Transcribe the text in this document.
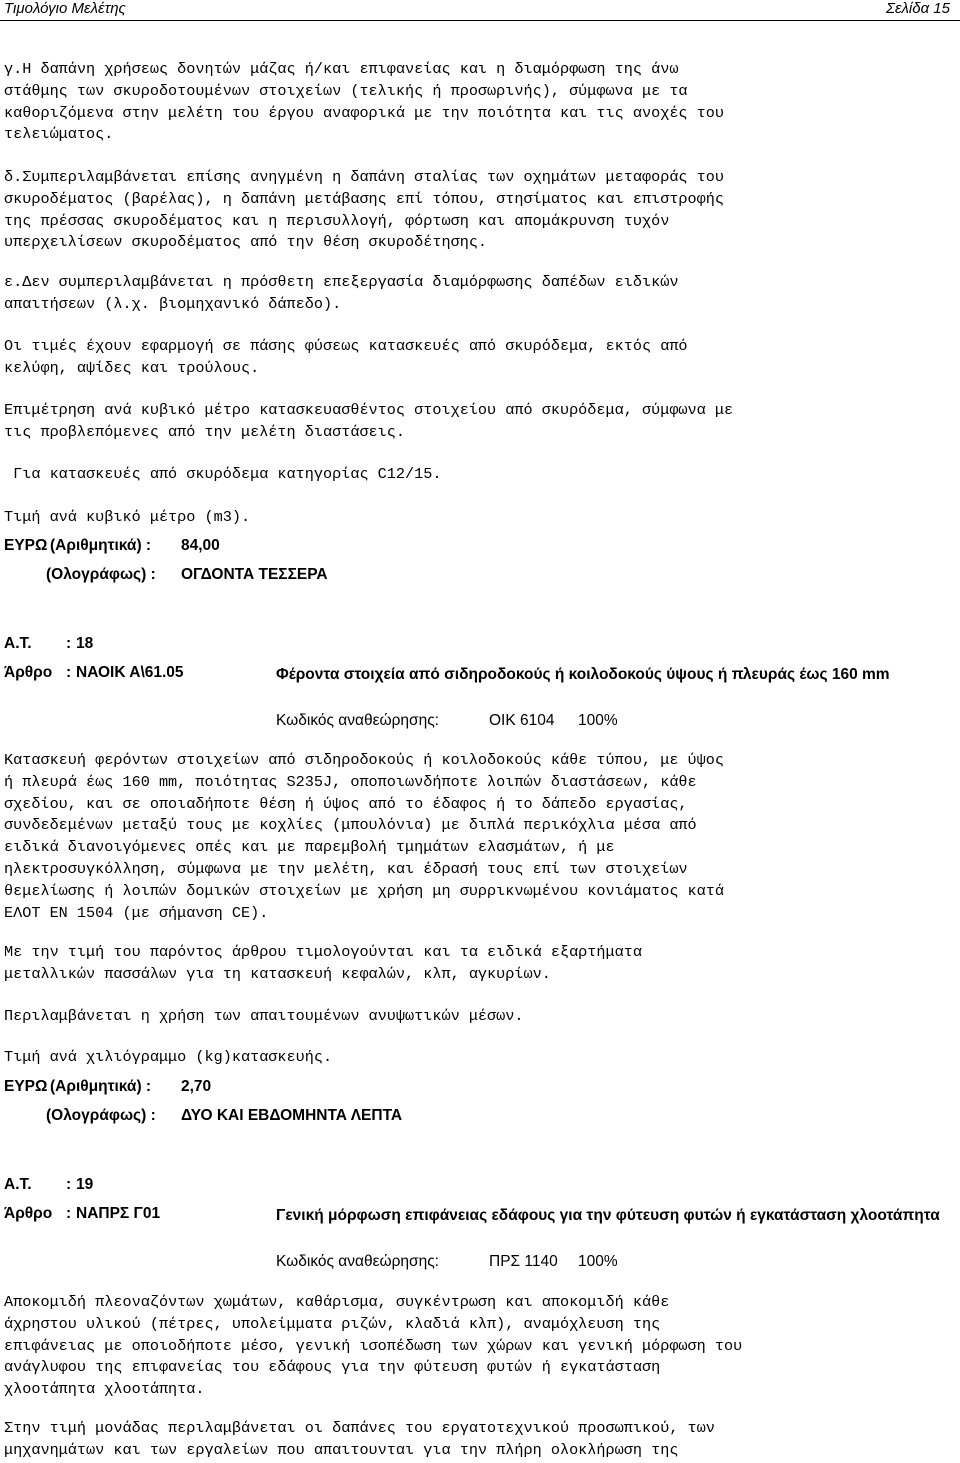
Τιμολόγιο Μελέτης	Σελίδα 15

γ.Η δαπάνη χρήσεως δονητών μάζας ή/και επιφανείας και η διαμόρφωση της άνω
στάθμης των σκυροδοτουμένων στοιχείων (τελικής ή προσωρινής), σύμφωνα με τα
καθοριζόμενα στην μελέτη του έργου αναφορικά με την ποιότητα και τις ανοχές του
τελειώματος.

δ.Συμπεριλαμβάνεται επίσης ανηγμένη η δαπάνη σταλίας των οχημάτων μεταφοράς του
σκυροδέματος (βαρέλας), η δαπάνη μετάβασης επί τόπου, στησίματος και επιστροφής
της πρέσσας σκυροδέματος και η περισυλλογή, φόρτωση και απομάκρυνση τυχόν
υπερχειλίσεων σκυροδέματος από την θέση σκυροδέτησης.

ε.Δεν συμπεριλαμβάνεται η πρόσθετη επεξεργασία διαμόρφωσης δαπέδων ειδικών
απαιτήσεων (λ.χ. βιομηχανικό δάπεδο).

Οι τιμές έχουν εφαρμογή σε πάσης φύσεως κατασκευές από σκυρόδεμα, εκτός από
κελύφη, αψίδες και τρούλους.

Επιμέτρηση ανά κυβικό μέτρο κατασκευασθέντος στοιχείου από σκυρόδεμα, σύμφωνα με
τις προβλεπόμενες από την μελέτη διαστάσεις.

Για κατασκευές από σκυρόδεμα κατηγορίας C12/15.

Τιμή ανά κυβικό μέτρο (m3).

ΕΥΡΩ (Αριθμητικά) : 84,00
(Ολογράφως) : ΟΓΔΟΝΤΑ ΤΕΣΣΕΡΑ
Α.Τ. : 18
Άρθρο : ΝΑΟΙΚ Α\61.05	Φέροντα στοιχεία από σιδηροδοκούς ή κοιλοδοκούς ύψους ή πλευράς έως 160 mm

Κωδικός αναθεώρησης:	ΟΙΚ 6104 100%

Κατασκευή φερόντων στοιχείων από σιδηροδοκούς ή κοιλοδοκούς κάθε τύπου, με ύψος
ή πλευρά έως 160 mm, ποιότητας S235J, οποποιωνδήποτε λοιπών διαστάσεων, κάθε
σχεδίου, και σε οποιαδήποτε θέση ή ύψος από το έδαφος ή το δάπεδο εργασίας,
συνδεδεμένων μεταξύ τους με κοχλίες (μπουλόνια) με διπλά περικόχλια μέσα από
ειδικά διανοιγόμενες οπές και με παρεμβολή τμημάτων ελασμάτων, ή με
ηλεκτροσυγκόλληση, σύμφωνα με την μελέτη, και έδρασή τους επί των στοιχείων
θεμελίωσης ή λοιπών δομικών στοιχείων με χρήση μη συρρικνωμένου κονιάματος κατά
ΕΛΟΤ EN 1504 (με σήμανση CE).

Με την τιμή του παρόντος άρθρου τιμολογούνται και τα ειδικά εξαρτήματα
μεταλλικών πασσάλων για τη κατασκευή κεφαλών, κλπ, αγκυρίων.

Περιλαμβάνεται η χρήση των απαιτουμένων ανυψωτικών μέσων.

Τιμή ανά χιλιόγραμμο (kg)κατασκευής.

ΕΥΡΩ (Αριθμητικά) : 2,70
(Ολογράφως) : ΔΥΟ ΚΑΙ ΕΒΔΟΜΗΝΤΑ ΛΕΠΤΑ
Α.Τ. : 19
Άρθρο : ΝΑΠΡΣ Γ01	Γενική μόρφωση επιφάνειας εδάφους για την φύτευση φυτών ή εγκατάσταση χλοοτάπητα

Κωδικός αναθεώρησης:	ΠΡΣ 1140 100%

Αποκομιδή πλεοναζόντων χωμάτων, καθάρισμα, συγκέντρωση και αποκομιδή κάθε
άχρηστου υλικού (πέτρες, υπολείμματα ριζών, κλαδιά κλπ), αναμόχλευση της
επιφάνειας με οποιοδήποτε μέσο, γενική ισοπέδωση των χώρων και γενική μόρφωση του
ανάγλυφου της επιφανείας του εδάφους για την φύτευση φυτών ή εγκατάσταση
χλοοτάπητα χλοοτάπητα.

Στην τιμή μονάδας περιλαμβάνεται οι δαπάνες του εργατοτεχνικού προσωπικού, των
μηχανημάτων και των εργαλείων που απαιτουνται για την πλήρη ολοκλήρωση της
